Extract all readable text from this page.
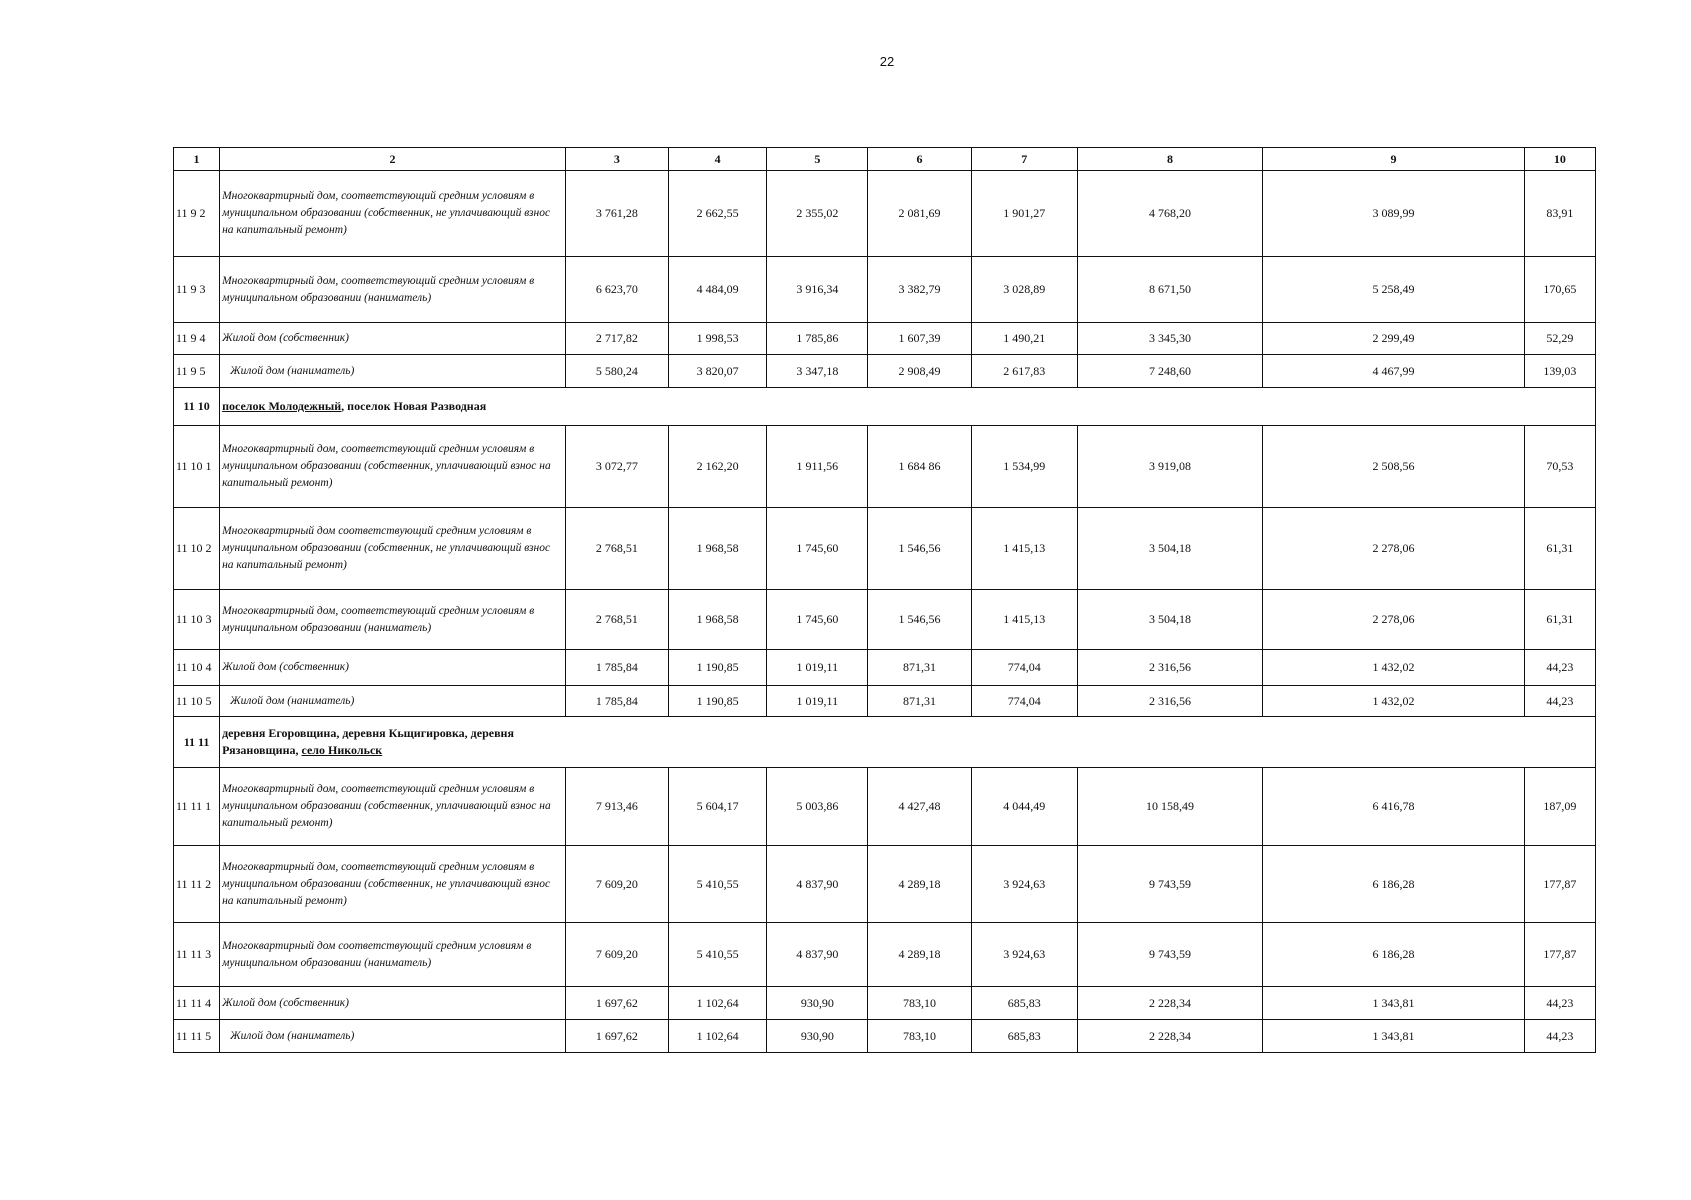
22
1	2	3	4	5	6	7	8	9	10
11 9 2	Многоквартирный дом, соответствующий средним условиям в муниципальном образовании (собственник, не уплачивающий взнос на капитальный ремонт)	3 761,28	2 662,55	2 355,02	2 081,69	1 901,27	4 768,20	3 089,99	83,91
11 9 3	Многоквартирный дом, соответствующий средним условиям в муниципальном образовании (наниматель)	6 623,70	4 484,09	3 916,34	3 382,79	3 028,89	8 671,50	5 258,49	170,65
11 9 4	Жилой дом (собственник)	2 717,82	1 998,53	1 785,86	1 607,39	1 490,21	3 345,30	2 299,49	52,29
11 9 5	Жилой дом (наниматель)	5 580,24	3 820,07	3 347,18	2 908,49	2 617,83	7 248,60	4 467,99	139,03
11 10	поселок Молодежный, поселок Новая Разводная								
11 10 1	Многоквартирный дом, соответствующий средним условиям в муниципальном образовании (собственник, уплачивающий взнос на капитальный ремонт)	3 072,77	2 162,20	1 911,56	1 684 86	1 534,99	3 919,08	2 508,56	70,53
11 10 2	Многоквартирный дом соответствующий средним условиям в муниципальном образовании (собственник, не уплачивающий взнос на капитальный ремонт)	2 768,51	1 968,58	1 745,60	1 546,56	1 415,13	3 504,18	2 278,06	61,31
11 10 3	Многоквартирный дом, соответствующий средним условиям в муниципальном образовании (наниматель)	2 768,51	1 968,58	1 745,60	1 546,56	1 415,13	3 504,18	2 278,06	61,31
11 10 4	Жилой дом (собственник)	1 785,84	1 190,85	1 019,11	871,31	774,04	2 316,56	1 432,02	44,23
11 10 5	Жилой дом (наниматель)	1 785,84	1 190,85	1 019,11	871,31	774,04	2 316,56	1 432,02	44,23
11 11	деревня Егоровщина, деревня Кьщигировка, деревня Рязановщина, село Никольск								

11 11 1	Многоквартирный дом, соответствующий средним условиям в муниципальном образовании (собственник, уплачивающий взнос на капитальный ремонт)	7 913,46	5 604,17	5 003,86	4 427,48	4 044,49	10 158,49	6 416,78	187,09
11 11 2	Многоквартирный дом, соответствующий средним условиям в муниципальном образовании (собственник, не уплачивающий взнос на капитальный ремонт)	7 609,20	5 410,55	4 837,90	4 289,18	3 924,63	9 743,59	6 186,28	177,87
11 11 3	Многоквартирный дом соответствующий средним условиям в муниципальном образовании (наниматель)	7 609,20	5 410,55	4 837,90	4 289,18	3 924,63	9 743,59	6 186,28	177,87
11 11 4	Жилой дом (собственник)	1 697,62	1 102,64	930,90	783,10	685,83	2 228,34	1 343,81	44,23
11 11 5	Жилой дом (наниматель)	1 697,62	1 102,64	930,90	783,10	685,83	2 228,34	1 343,81	44,23
